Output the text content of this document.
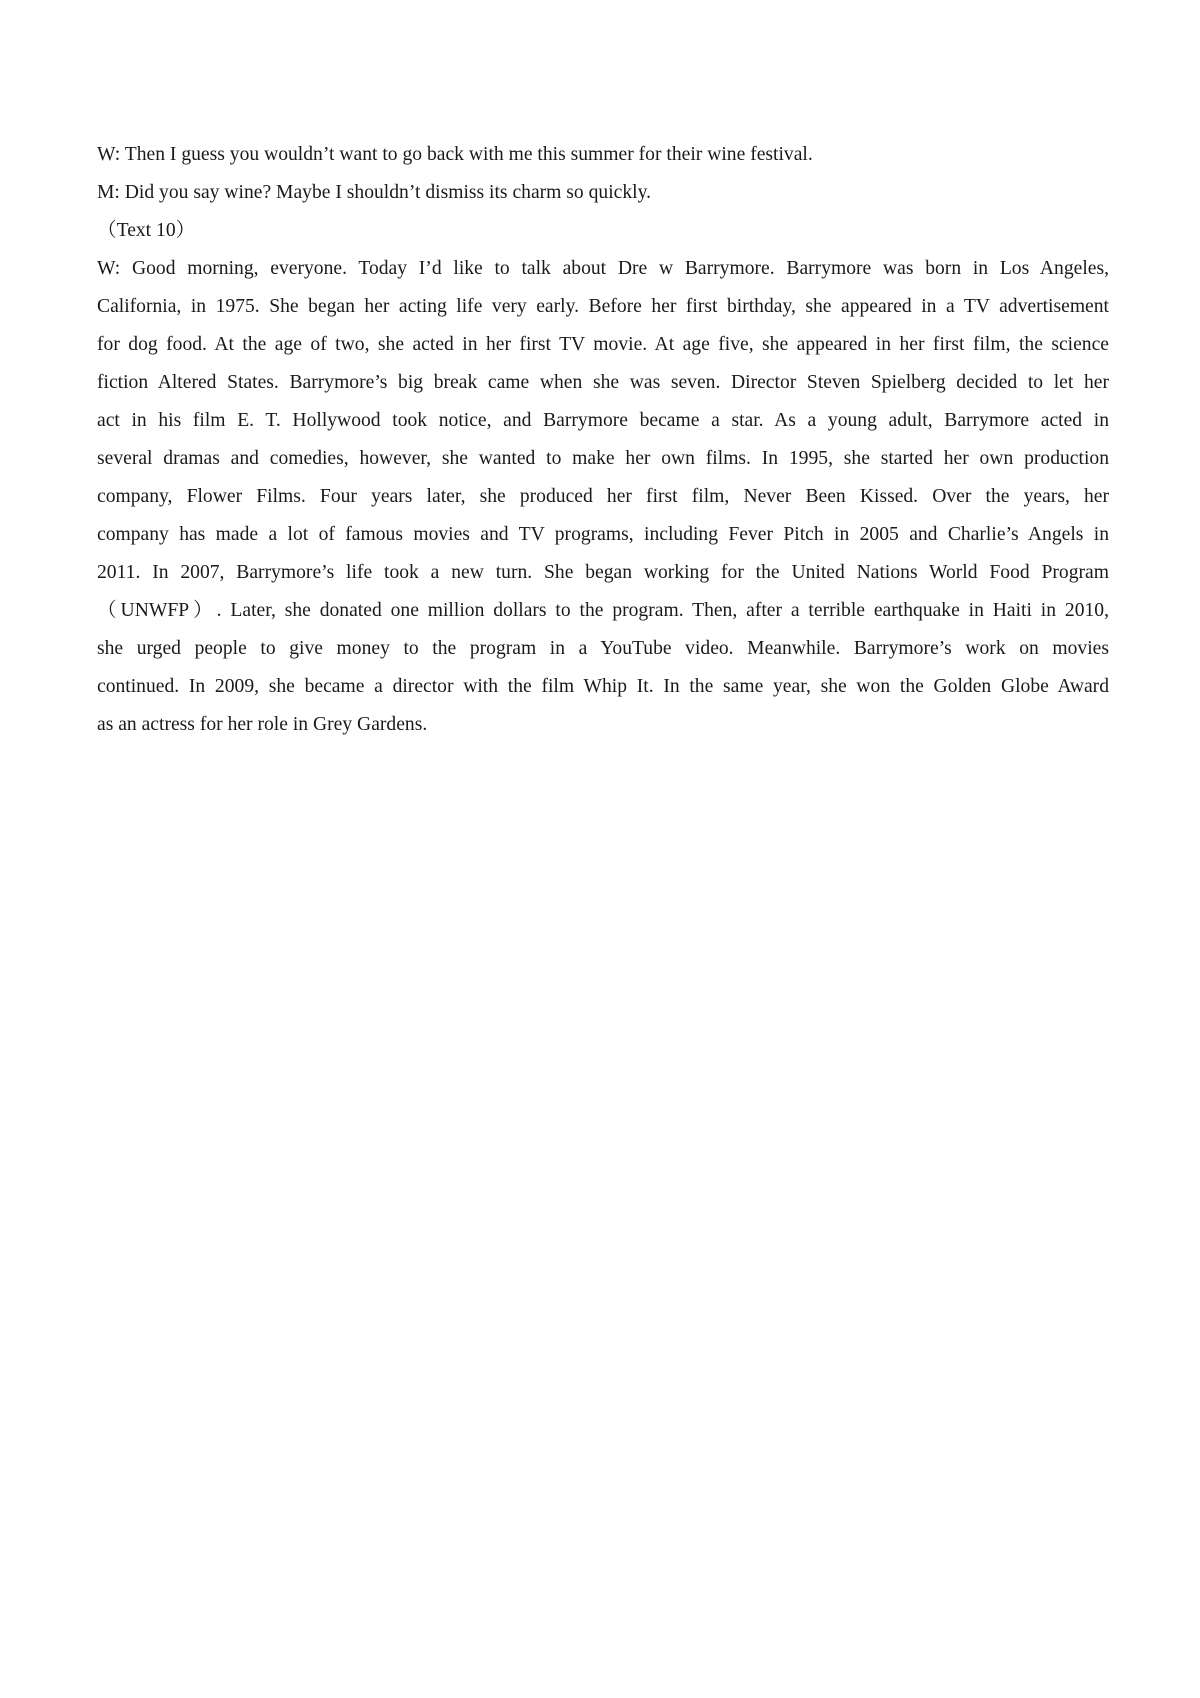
W: Then I guess you wouldn’t want to go back with me this summer for their wine festival.
M: Did you say wine? Maybe I shouldn’t dismiss its charm so quickly.
（Text 10）
W: Good morning, everyone. Today I’d like to talk about Dre w Barrymore. Barrymore was born in Los Angeles,
California, in 1975. She began her acting life very early. Before her first birthday, she appeared in a TV advertisement
for dog food. At the age of two, she acted in her first TV movie. At age five, she appeared in her first film, the science
fiction Altered States. Barrymore’s big break came when she was seven. Director Steven Spielberg decided to let her
act in his film E. T. Hollywood took notice, and Barrymore became a star. As a young adult, Barrymore acted in
several dramas and comedies, however, she wanted to make her own films. In 1995, she started her own production
company, Flower Films. Four years later, she produced her first film, Never Been Kissed. Over the years, her
company has made a lot of famous movies and TV programs, including Fever Pitch in 2005 and Charlie’s Angels in
2011. In 2007, Barrymore’s life took a new turn. She began working for the United Nations World Food Program
（UNWFP）. Later, she donated one million dollars to the program. Then, after a terrible earthquake in Haiti in 2010,
she urged people to give money to the program in a YouTube video. Meanwhile. Barrymore’s work on movies
continued. In 2009, she became a director with the film Whip It. In the same year, she won the Golden Globe Award
as an actress for her role in Grey Gardens.
